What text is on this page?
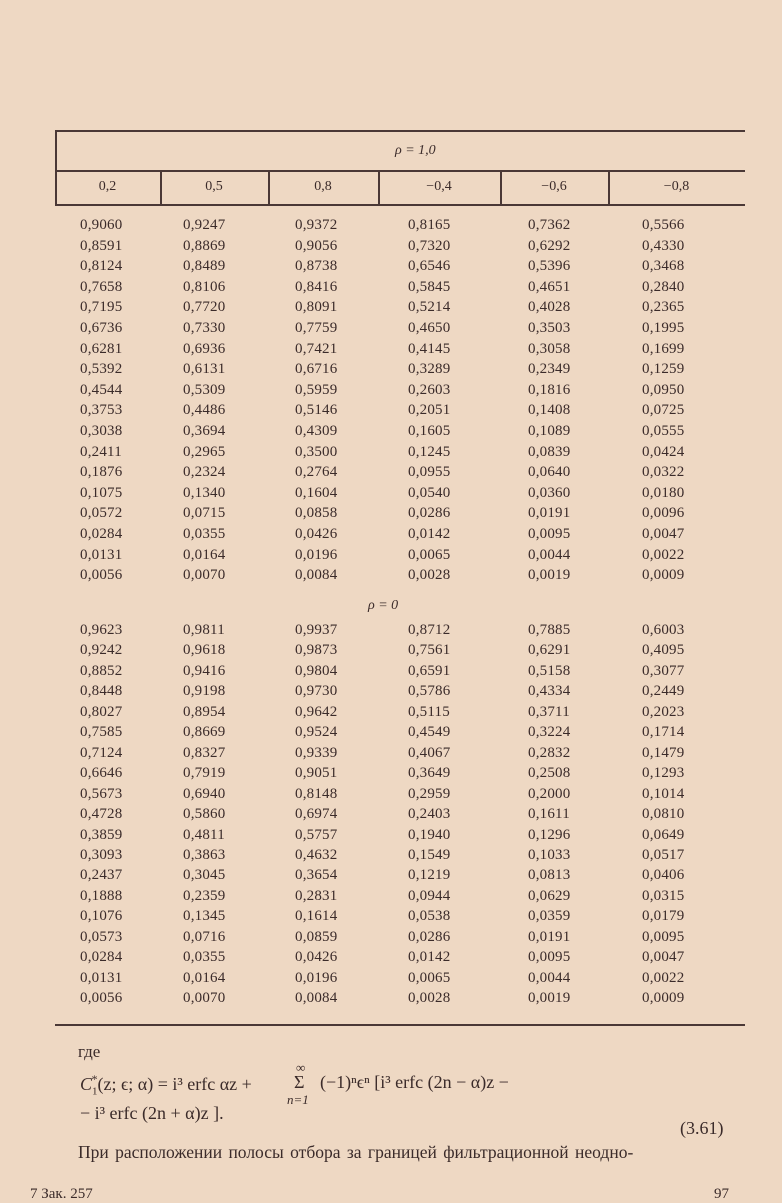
ρ = 1,0
0,2	0,5	0,8	−0,4	−0,6	−0,8
0,9060	0,9247	0,9372	0,8165	0,7362	0,5566
0,8591	0,8869	0,9056	0,7320	0,6292	0,4330
0,8124	0,8489	0,8738	0,6546	0,5396	0,3468
0,7658	0,8106	0,8416	0,5845	0,4651	0,2840
0,7195	0,7720	0,8091	0,5214	0,4028	0,2365
0,6736	0,7330	0,7759	0,4650	0,3503	0,1995
0,6281	0,6936	0,7421	0,4145	0,3058	0,1699
0,5392	0,6131	0,6716	0,3289	0,2349	0,1259
0,4544	0,5309	0,5959	0,2603	0,1816	0,0950
0,3753	0,4486	0,5146	0,2051	0,1408	0,0725
0,3038	0,3694	0,4309	0,1605	0,1089	0,0555
0,2411	0,2965	0,3500	0,1245	0,0839	0,0424
0,1876	0,2324	0,2764	0,0955	0,0640	0,0322
0,1075	0,1340	0,1604	0,0540	0,0360	0,0180
0,0572	0,0715	0,0858	0,0286	0,0191	0,0096
0,0284	0,0355	0,0426	0,0142	0,0095	0,0047
0,0131	0,0164	0,0196	0,0065	0,0044	0,0022
0,0056	0,0070	0,0084	0,0028	0,0019	0,0009
ρ = 0
0,9623	0,9811	0,9937	0,8712	0,7885	0,6003
0,9242	0,9618	0,9873	0,7561	0,6291	0,4095
0,8852	0,9416	0,9804	0,6591	0,5158	0,3077
0,8448	0,9198	0,9730	0,5786	0,4334	0,2449
0,8027	0,8954	0,9642	0,5115	0,3711	0,2023
0,7585	0,8669	0,9524	0,4549	0,3224	0,1714
0,7124	0,8327	0,9339	0,4067	0,2832	0,1479
0,6646	0,7919	0,9051	0,3649	0,2508	0,1293
0,5673	0,6940	0,8148	0,2959	0,2000	0,1014
0,4728	0,5860	0,6974	0,2403	0,1611	0,0810
0,3859	0,4811	0,5757	0,1940	0,1296	0,0649
0,3093	0,3863	0,4632	0,1549	0,1033	0,0517
0,2437	0,3045	0,3654	0,1219	0,0813	0,0406
0,1888	0,2359	0,2831	0,0944	0,0629	0,0315
0,1076	0,1345	0,1614	0,0538	0,0359	0,0179
0,0573	0,0716	0,0859	0,0286	0,0191	0,0095
0,0284	0,0355	0,0426	0,0142	0,0095	0,0047
0,0131	0,0164	0,0196	0,0065	0,0044	0,0022
0,0056	0,0070	0,0084	0,0028	0,0019	0,0009
где
$C_1^*(z$; ϵ; α) = i³ erfc αz +
∞
Σ
n=1
(−1)ⁿϵⁿ [i³ erfc (2n − α)z −
− i³ erfc (2n + α)z ].
(3.61)
При расположении полосы отбора за границей фильтрационной неодно-
7 Зак. 257	97
